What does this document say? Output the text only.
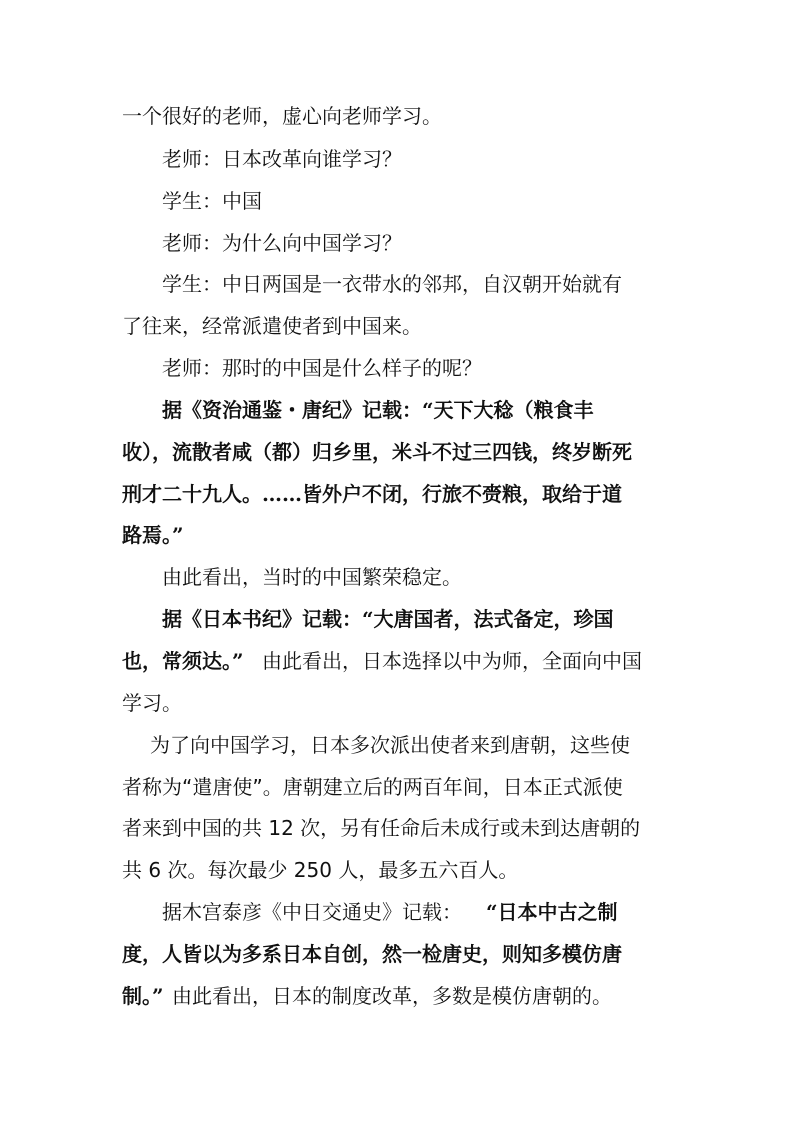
一个很好的老师，虚心向老师学习。
老师：日本改革向谁学习？
学生：中国
老师：为什么向中国学习？
学生：中日两国是一衣带水的邻邦，自汉朝开始就有
了往来，经常派遣使者到中国来。
老师：那时的中国是什么样子的呢？
据《资治通鉴・唐纪》记载：“天下大稔（粮食丰
收），流散者咸（都）归乡里，米斗不过三四钱，终岁断死
刑才二十九人。……皆外户不闭，行旅不赍粮，取给于道
路焉。”
由此看出，当时的中国繁荣稳定。
据《日本书纪》记载：“大唐国者，法式备定，珍国
也，常须达。” 由此看出，日本选择以中为师，全面向中国
学习。
为了向中国学习，日本多次派出使者来到唐朝，这些使
者称为“遣唐使”。唐朝建立后的两百年间，日本正式派使
者来到中国的共 12 次，另有任命后未成行或未到达唐朝的
共 6 次。每次最少 250 人，最多五六百人。
据木宫泰彦《中日交通史》记载： “日本中古之制
度，人皆以为多系日本自创，然一检唐史，则知多模仿唐
制。” 由此看出，日本的制度改革，多数是模仿唐朝的。
